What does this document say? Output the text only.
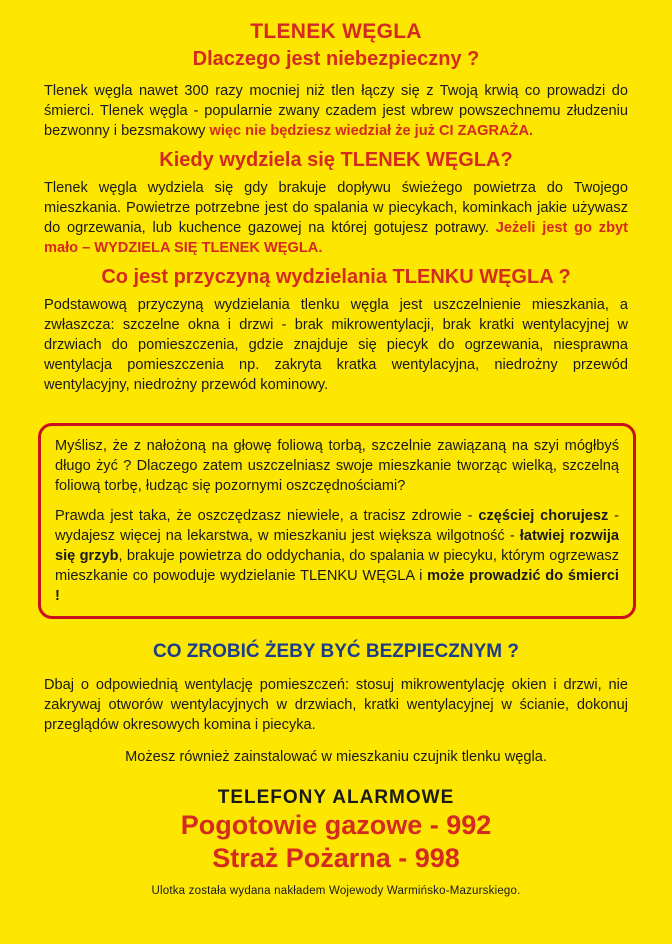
TLENEK WĘGLA
Dlaczego jest niebezpieczny ?

Tlenek węgla nawet 300 razy mocniej niż tlen łączy się z Twoją krwią co prowadzi do śmierci. Tlenek węgla - popularnie zwany czadem jest wbrew powszechnemu złudzeniu bezwonny i bezsmakowy więc nie będziesz wiedział że już CI ZAGRAŻA.

Kiedy wydziela się TLENEK WĘGLA?

Tlenek węgla wydziela się gdy brakuje dopływu świeżego powietrza do Twojego mieszkania. Powietrze potrzebne jest do spalania w piecykach, kominkach jakie używasz do ogrzewania, lub kuchence gazowej na której gotujesz potrawy. Jeżeli jest go zbyt mało – WYDZIELA SIĘ TLENEK WĘGLA.

Co jest przyczyną wydzielania TLENKU WĘGLA ?

Podstawową przyczyną wydzielania tlenku węgla jest uszczelnienie mieszkania, a zwłaszcza: szczelne okna i drzwi - brak mikrowentylacji, brak kratki wentylacyjnej w drzwiach do pomieszczenia, gdzie znajduje się piecyk do ogrzewania, niesprawna wentylacja pomieszczenia np. zakryta kratka wentylacyjna, niedrożny przewód wentylacyjny, niedrożny przewód kominowy.

Myślisz, że z nałożoną na głowę foliową torbą, szczelnie zawiązaną na szyi mógłbyś długo żyć ? Dlaczego zatem uszczelniasz swoje mieszkanie tworząc wielką, szczelną foliową torbę, łudząc się pozornymi oszczędnościami?

Prawda jest taka, że oszczędzasz niewiele, a tracisz zdrowie - częściej chorujesz - wydajesz więcej na lekarstwa, w mieszkaniu jest większa wilgotność - łatwiej rozwija się grzyb, brakuje powietrza do oddychania, do spalania w piecyku, którym ogrzewasz mieszkanie co powoduje wydzielanie TLENKU WĘGLA i może prowadzić do śmierci !

CO ZROBIĆ ŻEBY BYĆ BEZPIECZNYM ?

Dbaj o odpowiednią wentylację pomieszczeń: stosuj mikrowentylację okien i drzwi, nie zakrywaj otworów wentylacyjnych w drzwiach, kratki wentylacyjnej w ścianie, dokonuj przeglądów okresowych komina i piecyka.

Możesz również zainstalować w mieszkaniu czujnik tlenku węgla.

TELEFONY ALARMOWE
Pogotowie gazowe - 992
Straż Pożarna - 998
Ulotka została wydana nakładem Wojewody Warmińsko-Mazurskiego.
